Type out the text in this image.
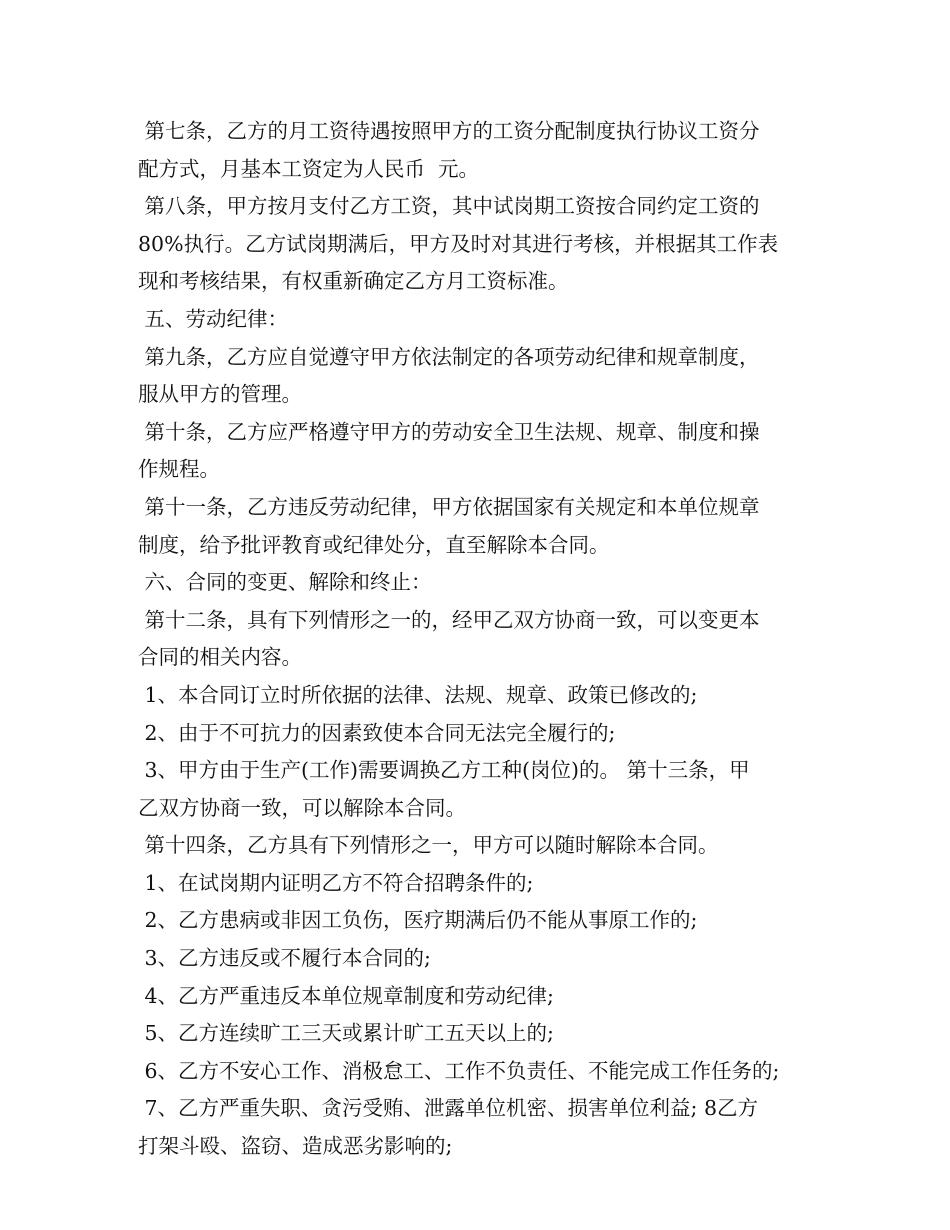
第七条，乙方的月工资待遇按照甲方的工资分配制度执行协议工资分

配方式，月基本工资定为人民币  元。

第八条，甲方按月支付乙方工资，其中试岗期工资按合同约定工资的

80%执行。乙方试岗期满后，甲方及时对其进行考核，并根据其工作表

现和考核结果，有权重新确定乙方月工资标准。

五、劳动纪律：

第九条，乙方应自觉遵守甲方依法制定的各项劳动纪律和规章制度，

服从甲方的管理。

第十条，乙方应严格遵守甲方的劳动安全卫生法规、规章、制度和操

作规程。

第十一条，乙方违反劳动纪律，甲方依据国家有关规定和本单位规章

制度，给予批评教育或纪律处分，直至解除本合同。

六、合同的变更、解除和终止：

第十二条，具有下列情形之一的，经甲乙双方协商一致，可以变更本

合同的相关内容。

1、本合同订立时所依据的法律、法规、规章、政策已修改的;

2、由于不可抗力的因素致使本合同无法完全履行的;

3、甲方由于生产(工作)需要调换乙方工种(岗位)的。 第十三条，甲

乙双方协商一致，可以解除本合同。

第十四条，乙方具有下列情形之一，甲方可以随时解除本合同。

1、在试岗期内证明乙方不符合招聘条件的;

2、乙方患病或非因工负伤，医疗期满后仍不能从事原工作的;

3、乙方违反或不履行本合同的;

4、乙方严重违反本单位规章制度和劳动纪律;

5、乙方连续旷工三天或累计旷工五天以上的;

6、乙方不安心工作、消极怠工、工作不负责任、不能完成工作任务的;

7、乙方严重失职、贪污受贿、泄露单位机密、损害单位利益; 8乙方

打架斗殴、盗窃、造成恶劣影响的;
